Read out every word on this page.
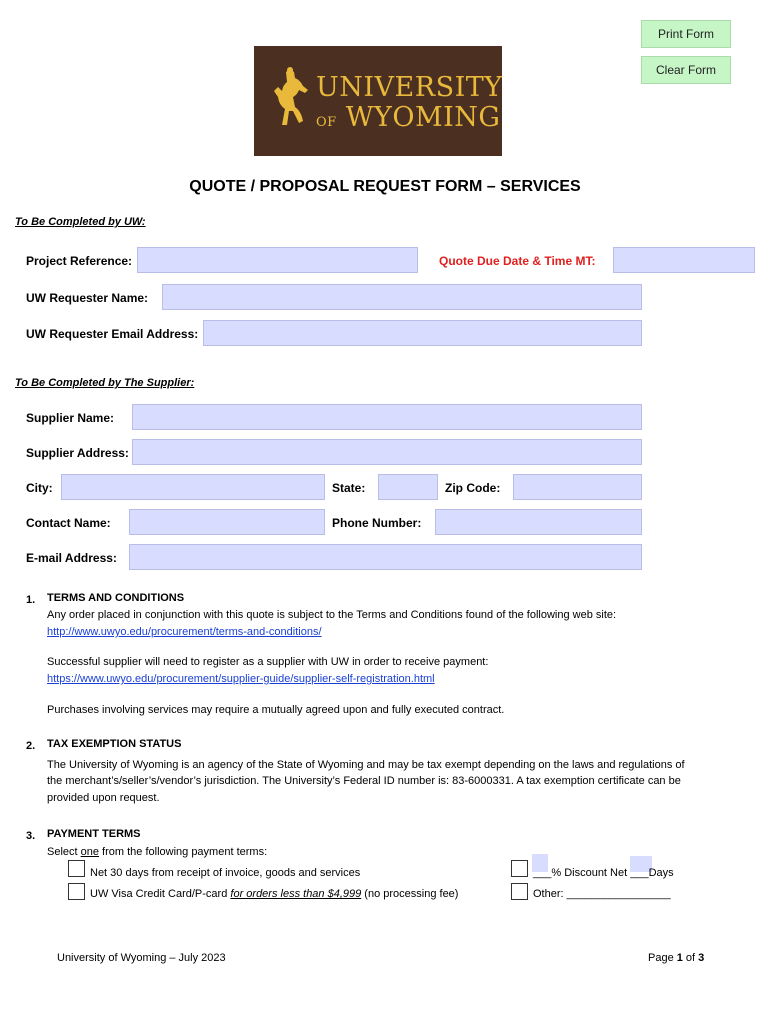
Print Form
Clear Form
UNIVERSITY
OF WYOMING
QUOTE / PROPOSAL REQUEST FORM – SERVICES
To Be Completed by UW:
Project Reference:	Quote Due Date & Time MT:
UW Requester Name:
UW Requester Email Address:
To Be Completed by The Supplier:
Supplier Name:
Supplier Address:
City:	State:	Zip Code:
Contact Name:	Phone Number:
E-mail Address:
1. TERMS AND CONDITIONS
Any order placed in conjunction with this quote is subject to the Terms and Conditions found of the following web site:
http://www.uwyo.edu/procurement/terms-and-conditions/
Successful supplier will need to register as a supplier with UW in order to receive payment:
https://www.uwyo.edu/procurement/supplier-guide/supplier-self-registration.html
Purchases involving services may require a mutually agreed upon and fully executed contract.
2. TAX EXEMPTION STATUS
The University of Wyoming is an agency of the State of Wyoming and may be tax exempt depending on the laws and regulations of
the merchant’s/seller’s/vendor’s jurisdiction. The University’s Federal ID number is: 83-6000331. A tax exemption certificate can be
provided upon request.
3. PAYMENT TERMS
Select one from the following payment terms:
Net 30 days from receipt of invoice, goods and services
UW Visa Credit Card/P-card for orders less than $4,999 (no processing fee)
___% Discount Net ___Days
Other: _________________
University of Wyoming – July 2023	Page 1 of 3
